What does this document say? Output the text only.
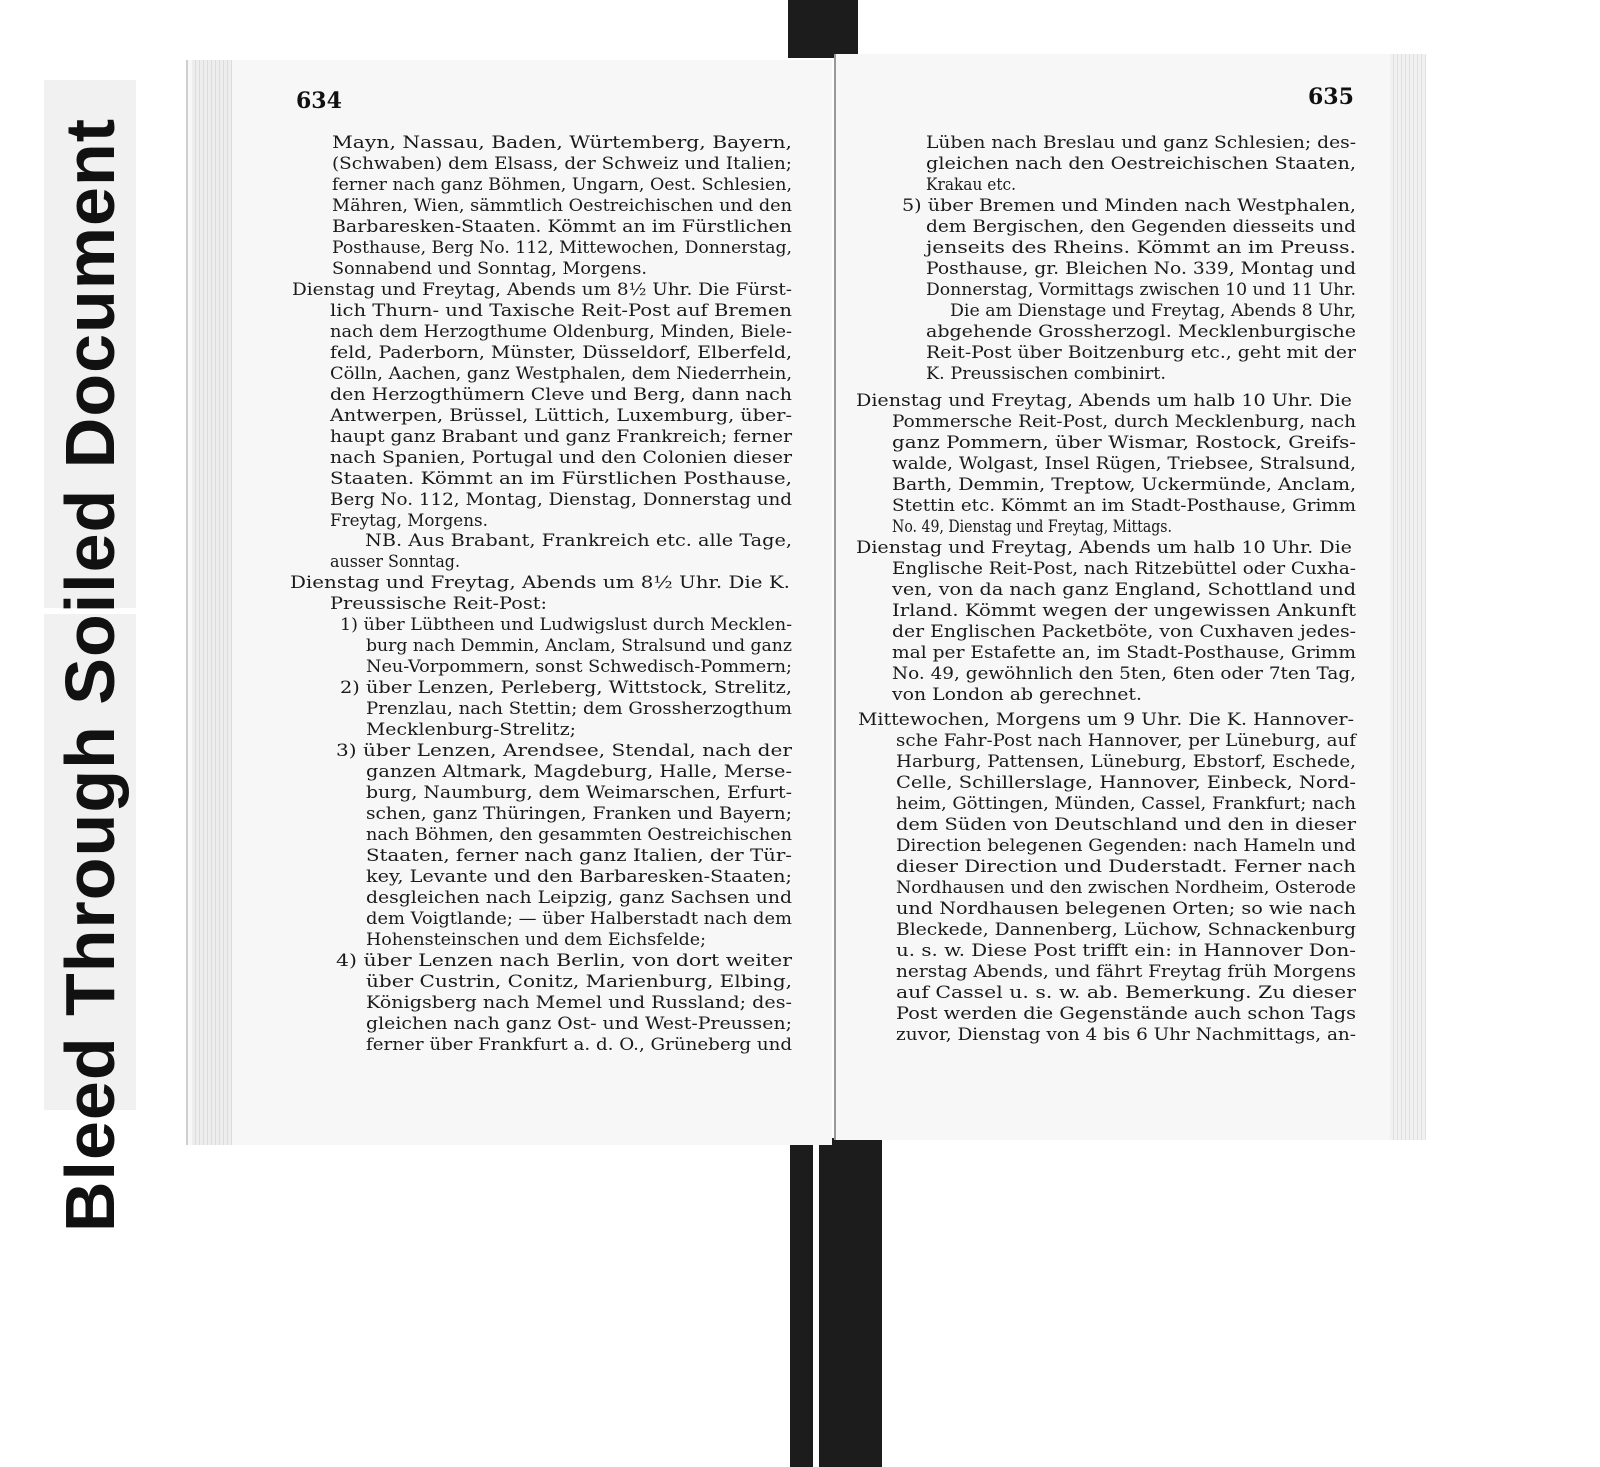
Bleed Through Soiled Document
634	635
Mayn, Nassau, Baden, Würtemberg, Bayern,
(Schwaben) dem Elsass, der Schweiz und Italien;
ferner nach ganz Böhmen, Ungarn, Oest. Schlesien,
Mähren, Wien, sämmtlich Oestreichischen und den
Barbaresken-Staaten. Kömmt an im Fürstlichen
Posthause, Berg No. 112, Mittewochen, Donnerstag,
Sonnabend und Sonntag, Morgens.
Dienstag und Freytag, Abends um 8½ Uhr. Die Fürst-
lich Thurn- und Taxische Reit-Post auf Bremen
nach dem Herzogthume Oldenburg, Minden, Biele-
feld, Paderborn, Münster, Düsseldorf, Elberfeld,
Cölln, Aachen, ganz Westphalen, dem Niederrhein,
den Herzogthümern Cleve und Berg, dann nach
Antwerpen, Brüssel, Lüttich, Luxemburg, über-
haupt ganz Brabant und ganz Frankreich; ferner
nach Spanien, Portugal und den Colonien dieser
Staaten. Kömmt an im Fürstlichen Posthause,
Berg No. 112, Montag, Dienstag, Donnerstag und
Freytag, Morgens.
NB. Aus Brabant, Frankreich etc. alle Tage,
ausser Sonntag.
Dienstag und Freytag, Abends um 8½ Uhr. Die K.
Preussische Reit-Post:
1) über Lübtheen und Ludwigslust durch Mecklen-
burg nach Demmin, Anclam, Stralsund und ganz
Neu-Vorpommern, sonst Schwedisch-Pommern;
2) über Lenzen, Perleberg, Wittstock, Strelitz,
Prenzlau, nach Stettin; dem Grossherzogthum
Mecklenburg-Strelitz;
3) über Lenzen, Arendsee, Stendal, nach der
ganzen Altmark, Magdeburg, Halle, Merse-
burg, Naumburg, dem Weimarschen, Erfurt-
schen, ganz Thüringen, Franken und Bayern;
nach Böhmen, den gesammten Oestreichischen
Staaten, ferner nach ganz Italien, der Tür-
key, Levante und den Barbaresken-Staaten;
desgleichen nach Leipzig, ganz Sachsen und
dem Voigtlande; — über Halberstadt nach dem
Hohensteinschen und dem Eichsfelde;
4) über Lenzen nach Berlin, von dort weiter
über Custrin, Conitz, Marienburg, Elbing,
Königsberg nach Memel und Russland; des-
gleichen nach ganz Ost- und West-Preussen;
ferner über Frankfurt a. d. O., Grüneberg und
Lüben nach Breslau und ganz Schlesien; des-
gleichen nach den Oestreichischen Staaten,
Krakau etc.
5) über Bremen und Minden nach Westphalen,
dem Bergischen, den Gegenden diesseits und
jenseits des Rheins. Kömmt an im Preuss.
Posthause, gr. Bleichen No. 339, Montag und
Donnerstag, Vormittags zwischen 10 und 11 Uhr.
Die am Dienstage und Freytag, Abends 8 Uhr,
abgehende Grossherzogl. Mecklenburgische
Reit-Post über Boitzenburg etc., geht mit der
K. Preussischen combinirt.
Dienstag und Freytag, Abends um halb 10 Uhr. Die
Pommersche Reit-Post, durch Mecklenburg, nach
ganz Pommern, über Wismar, Rostock, Greifs-
walde, Wolgast, Insel Rügen, Triebsee, Stralsund,
Barth, Demmin, Treptow, Uckermünde, Anclam,
Stettin etc. Kömmt an im Stadt-Posthause, Grimm
No. 49, Dienstag und Freytag, Mittags.
Dienstag und Freytag, Abends um halb 10 Uhr. Die
Englische Reit-Post, nach Ritzebüttel oder Cuxha-
ven, von da nach ganz England, Schottland und
Irland. Kömmt wegen der ungewissen Ankunft
der Englischen Packetböte, von Cuxhaven jedes-
mal per Estafette an, im Stadt-Posthause, Grimm
No. 49, gewöhnlich den 5ten, 6ten oder 7ten Tag,
von London ab gerechnet.
Mittewochen, Morgens um 9 Uhr. Die K. Hannover-
sche Fahr-Post nach Hannover, per Lüneburg, auf
Harburg, Pattensen, Lüneburg, Ebstorf, Eschede,
Celle, Schillerslage, Hannover, Einbeck, Nord-
heim, Göttingen, Münden, Cassel, Frankfurt; nach
dem Süden von Deutschland und den in dieser
Direction belegenen Gegenden: nach Hameln und
dieser Direction und Duderstadt. Ferner nach
Nordhausen und den zwischen Nordheim, Osterode
und Nordhausen belegenen Orten; so wie nach
Bleckede, Dannenberg, Lüchow, Schnackenburg
u. s. w. Diese Post trifft ein: in Hannover Don-
nerstag Abends, und fährt Freytag früh Morgens
auf Cassel u. s. w. ab. Bemerkung. Zu dieser
Post werden die Gegenstände auch schon Tags
zuvor, Dienstag von 4 bis 6 Uhr Nachmittags, an-
